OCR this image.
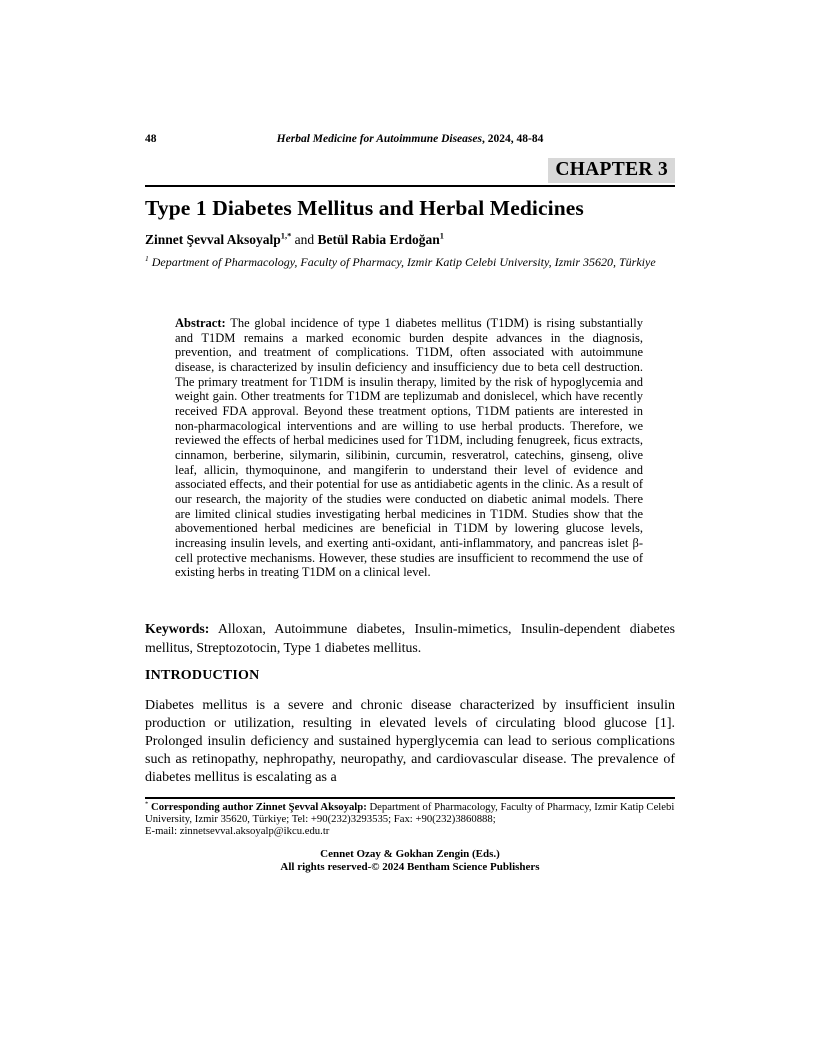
48	Herbal Medicine for Autoimmune Diseases, 2024, 48-84
CHAPTER 3
Type 1 Diabetes Mellitus and Herbal Medicines
Zinnet Şevval Aksoyalp$^{1,*}$ and Betül Rabia Erdoğan$^1$
$^1$ Department of Pharmacology, Faculty of Pharmacy, Izmir Katip Celebi University, Izmir 35620, Türkiye

Abstract: The global incidence of type 1 diabetes mellitus (T1DM) is rising substantially and T1DM remains a marked economic burden despite advances in the diagnosis, prevention, and treatment of complications. T1DM, often associated with autoimmune disease, is characterized by insulin deficiency and insufficiency due to beta cell destruction. The primary treatment for T1DM is insulin therapy, limited by the risk of hypoglycemia and weight gain. Other treatments for T1DM are teplizumab and donislecel, which have recently received FDA approval. Beyond these treatment options, T1DM patients are interested in non-pharmacological interventions and are willing to use herbal products. Therefore, we reviewed the effects of herbal medicines used for T1DM, including fenugreek, ficus extracts, cinnamon, berberine, silymarin, silibinin, curcumin, resveratrol, catechins, ginseng, olive leaf, allicin, thymoquinone, and mangiferin to understand their level of evidence and associated effects, and their potential for use as antidiabetic agents in the clinic. As a result of our research, the majority of the studies were conducted on diabetic animal models. There are limited clinical studies investigating herbal medicines in T1DM. Studies show that the abovementioned herbal medicines are beneficial in T1DM by lowering glucose levels, increasing insulin levels, and exerting anti-oxidant, anti-inflammatory, and pancreas islet β-cell protective mechanisms. However, these studies are insufficient to recommend the use of existing herbs in treating T1DM on a clinical level.

Keywords: Alloxan, Autoimmune diabetes, Insulin-mimetics, Insulin-dependent diabetes mellitus, Streptozotocin, Type 1 diabetes mellitus.

INTRODUCTION

Diabetes mellitus is a severe and chronic disease characterized by insufficient insulin production or utilization, resulting in elevated levels of circulating blood glucose [1]. Prolonged insulin deficiency and sustained hyperglycemia can lead to serious complications such as retinopathy, nephropathy, neuropathy, and cardiovascular disease. The prevalence of diabetes mellitus is escalating as a

* Corresponding author Zinnet Şevval Aksoyalp: Department of Pharmacology, Faculty of Pharmacy, Izmir Katip Celebi University, Izmir 35620, Türkiye; Tel: +90(232)3293535; Fax: +90(232)3860888;
E-mail: zinnetsevval.aksoyalp@ikcu.edu.tr
Cennet Ozay & Gokhan Zengin (Eds.)
All rights reserved-© 2024 Bentham Science Publishers
